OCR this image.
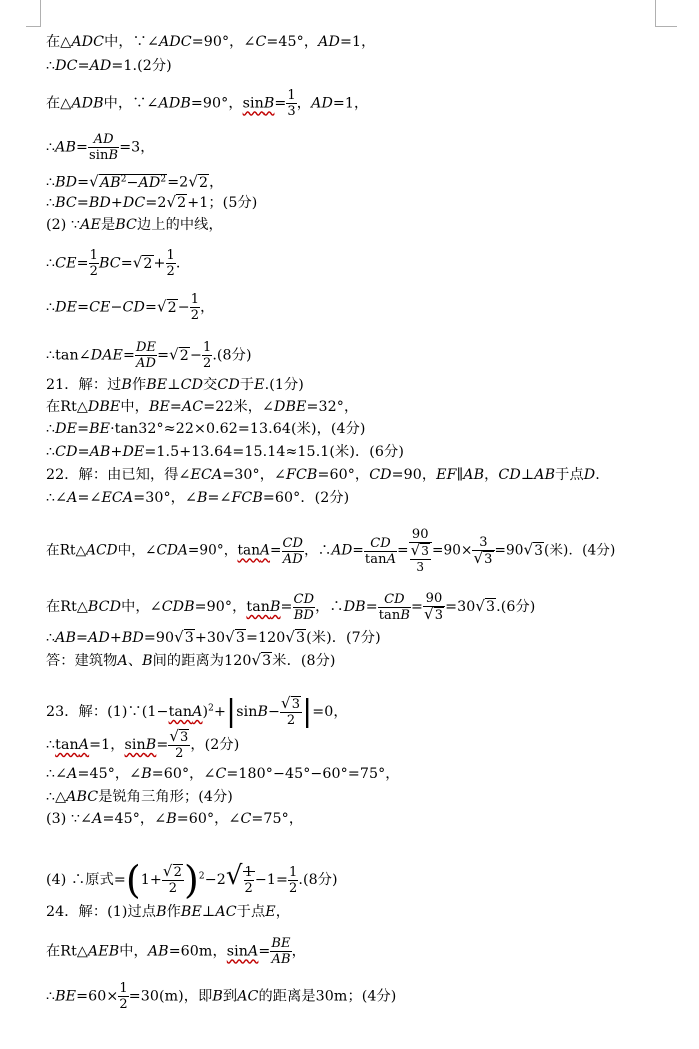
在△ADC中，∵∠ADC=90°，∠C=45°，AD=1，
∴DC=AD=1.(2分)
在△ADB中，∵∠ADB=90°，$\sin B= \frac{1}{3}$ ，AD=1，
∴AB= $\frac{AD}{\sin B} =3$，
$\therefore BD=√AB^2-AD^2=2√2$，
∴BC=BD+DC=2√2+1；(5分)
(2) ∵AE是BC边上的中线，
∴CE= $\frac{1}{2} BC=√2+ \frac{1}{2}$ .
∴DE=CE−CD=√2− $\frac{1}{2}$ ，
∴tan∠DAE= $\frac{DE}{AD} =√2- \frac{1}{2} .(8$分)
21．解：过B作BE⊥CD交CD于E.(1分)
在Rt△DBE中，BE=AC=22米，∠DBE=32°，
∴DE=BE·tan32°≈22×0.62=13.64(米)，(4分)
∴CD=AB+DE=1.5+13.64=15.14≈15.1(米)．(6分)
22．解：由已知，得∠ECA=30°，∠FCB=60°，CD=90，EF∥AB，CD⊥AB于点D.
∴∠A=∠ECA=30°，∠B=∠FCB=60°．(2分)
在Rt△ACD中，∠CDA=90°，$\tan A= \frac{CD}{AD}$ ，∴AD= $\frac{CD}{\tan A} = \frac{90}{\frac{√3}{3}} =90\times \frac{3}{√3} =90√3$(米)．(4分)
在Rt△BCD中，∠CDB=90°，$\tan B= \frac{CD}{BD}$ ，∴DB= $\frac{CD}{\tan B} = \frac{90}{√3} =30√3.(6$分)
∴AB=AD+BD=90√3+30√3=120√3(米)．(7分)
答：建筑物A、B间的距离为120√3米．(8分)
23．解：$(1)\because(1-\tan A)^2+|\sin B- \frac{√3}{2} |=0$，
∴tanA=1，$\sin B= \frac{√3}{2}$ ，(2分)
∴∠A=45°，∠B=60°，∠C=180°−45°−60°=75°，
∴△ABC是锐角三角形；(4分)
(3) ∵∠A=45°，∠B=60°，∠C=75°，
(4) ∴原式$=(1+ \frac{√2}{2} )^2-2√ \frac{1}{2} -1= \frac{1}{2} .(8$分)
24．解：(1)过点B作BE⊥AC于点E，
在Rt△AEB中，AB=60m，$\sin A= \frac{BE}{AB}$ ，
∴BE=60× $\frac{1}{2} =30(m)$，即B到AC的距离是30m；(4分)
